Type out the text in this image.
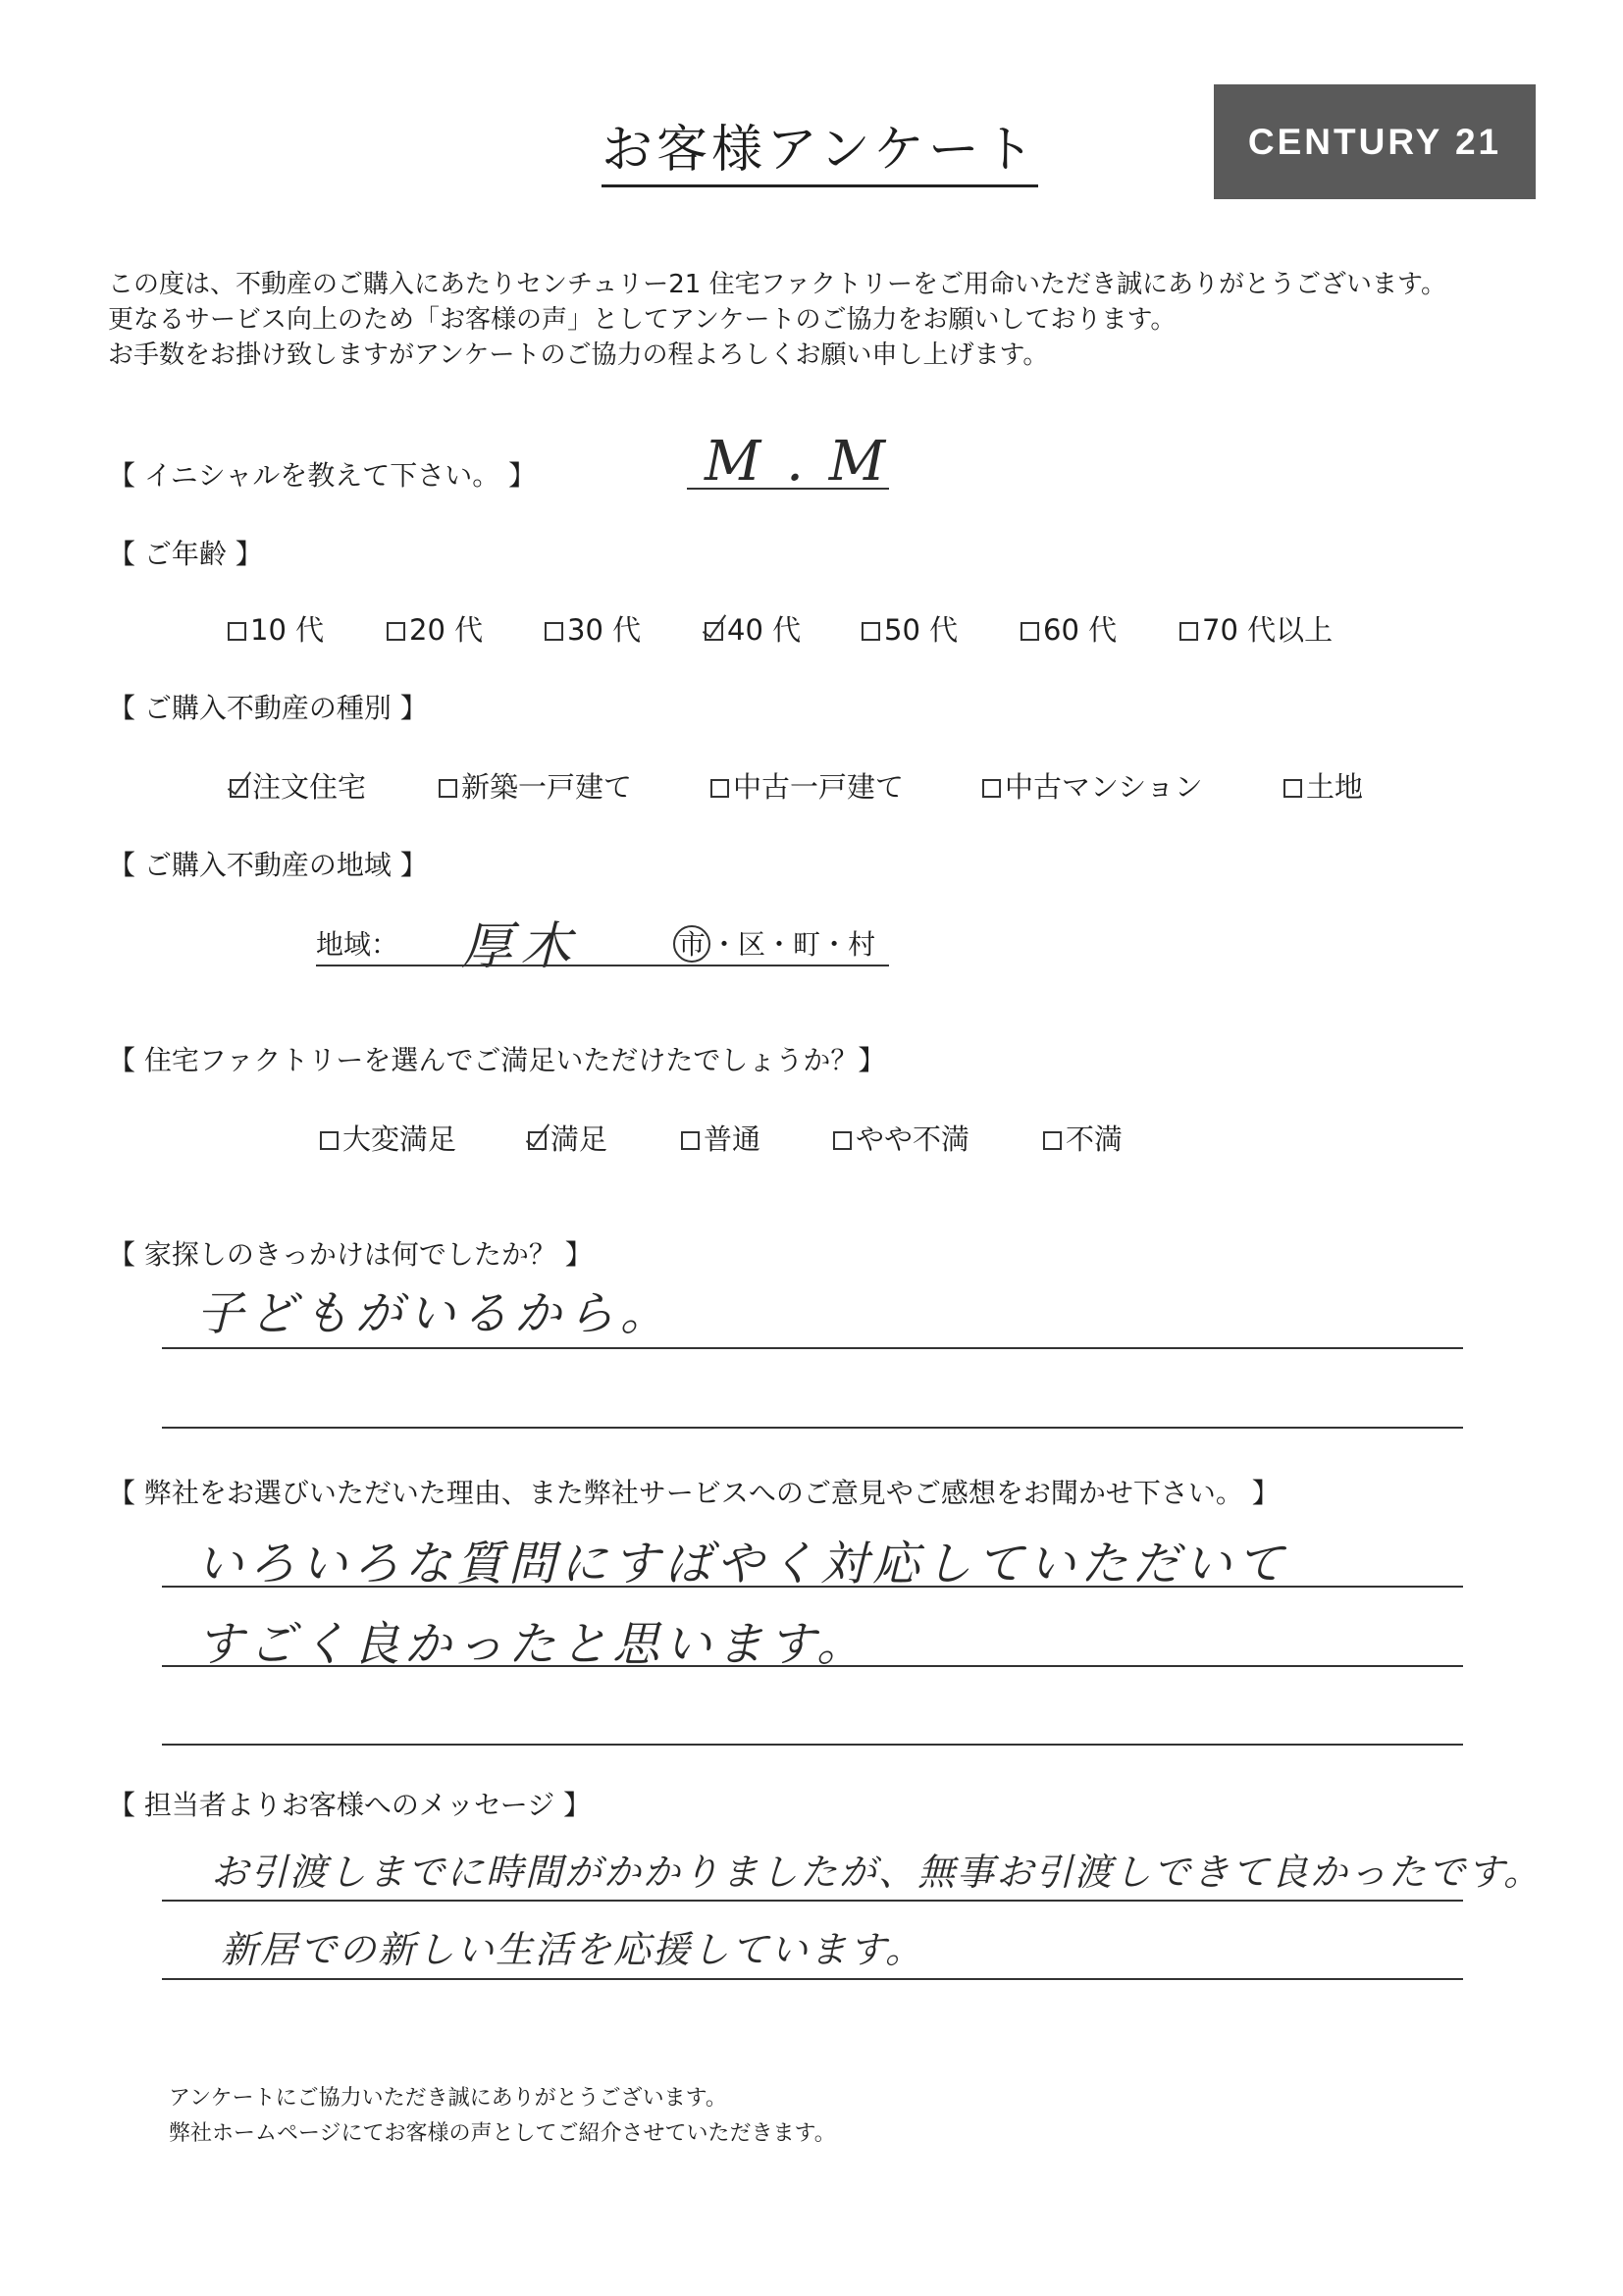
お客様アンケート	CENTURY 21
この度は、不動産のご購入にあたりセンチュリー21 住宅ファクトリーをご用命いただき誠にありがとうございます。
更なるサービス向上のため「お客様の声」としてアンケートのご協力をお願いしております。
お手数をお掛け致しますがアンケートのご協力の程よろしくお願い申し上げます。
【 イニシャルを教えて下さい。 】	M . M
【 ご年齢 】
10 代	20 代	30 代	40 代	50 代	60 代	70 代以上
【 ご購入不動産の種別 】
注文住宅	新築一戸建て	中古一戸建て	中古マンション	土地
【 ご購入不動産の地域 】
地域： 厚木	市 ・区・町・村
【 住宅ファクトリーを選んでご満足いただけたでしょうか？】
大変満足	満足	普通	やや不満	不満
【 家探しのきっかけは何でしたか？ 】
子どもがいるから。
【 弊社をお選びいただいた理由、また弊社サービスへのご意見やご感想をお聞かせ下さい。 】
いろいろな質問にすばやく対応していただいて
すごく良かったと思います。
【 担当者よりお客様へのメッセージ 】
お引渡しまでに時間がかかりましたが、無事お引渡しできて良かったです。
新居での新しい生活を応援しています。
アンケートにご協力いただき誠にありがとうございます。
弊社ホームページにてお客様の声としてご紹介させていただきます。
